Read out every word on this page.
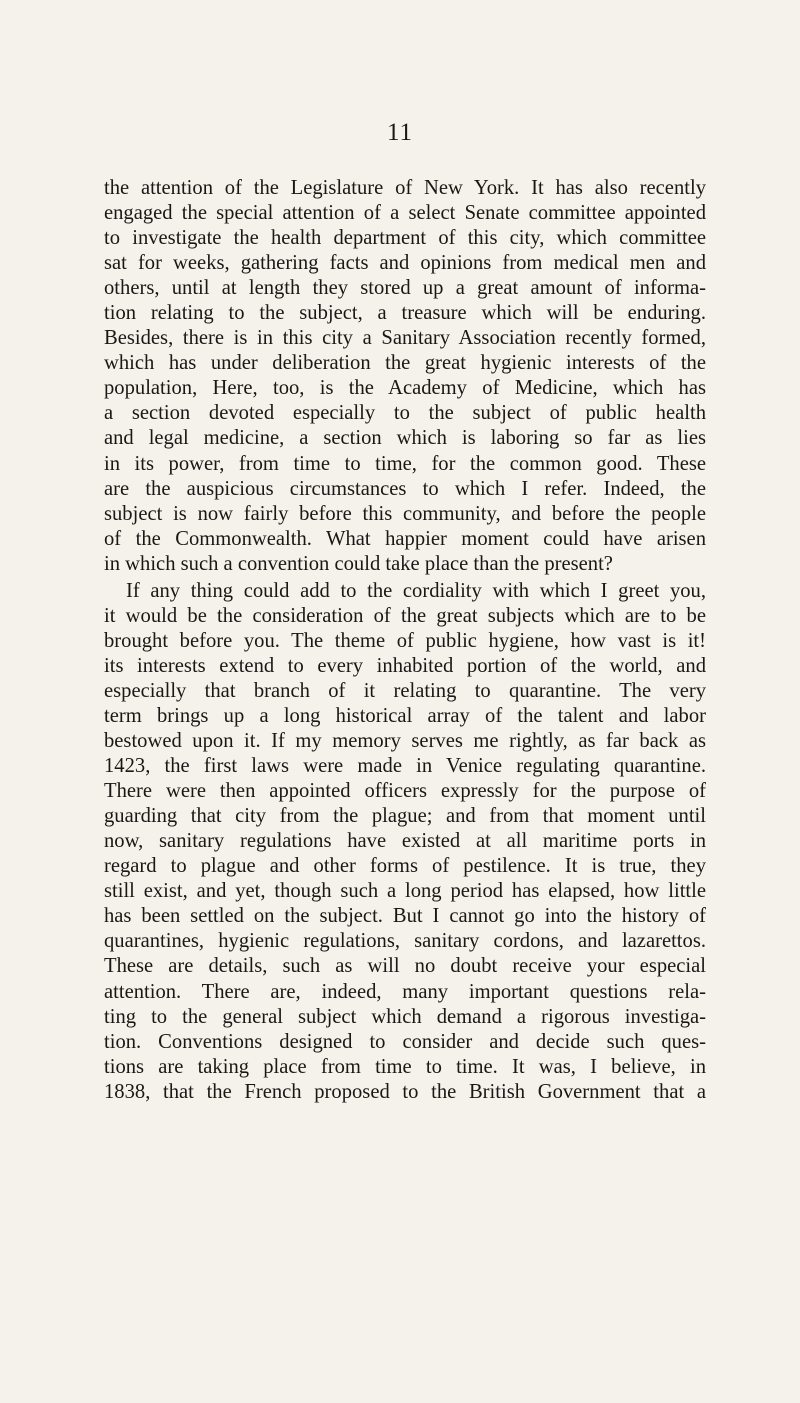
11
the attention of the Legislature of New York. It has also recently
engaged the special attention of a select Senate committee appointed
to investigate the health department of this city, which committee
sat for weeks, gathering facts and opinions from medical men and
others, until at length they stored up a great amount of informa-
tion relating to the subject, a treasure which will be enduring.
Besides, there is in this city a Sanitary Association recently formed,
which has under deliberation the great hygienic interests of the
population, Here, too, is the Academy of Medicine, which has
a section devoted especially to the subject of public health
and legal medicine, a section which is laboring so far as lies
in its power, from time to time, for the common good. These
are the auspicious circumstances to which I refer. Indeed, the
subject is now fairly before this community, and before the people
of the Commonwealth. What happier moment could have arisen
in which such a convention could take place than the present?
If any thing could add to the cordiality with which I greet you,
it would be the consideration of the great subjects which are to be
brought before you. The theme of public hygiene, how vast is it!
its interests extend to every inhabited portion of the world, and
especially that branch of it relating to quarantine. The very
term brings up a long historical array of the talent and labor
bestowed upon it. If my memory serves me rightly, as far back as
1423, the first laws were made in Venice regulating quarantine.
There were then appointed officers expressly for the purpose of
guarding that city from the plague; and from that moment until
now, sanitary regulations have existed at all maritime ports in
regard to plague and other forms of pestilence. It is true, they
still exist, and yet, though such a long period has elapsed, how little
has been settled on the subject. But I cannot go into the history of
quarantines, hygienic regulations, sanitary cordons, and lazarettos.
These are details, such as will no doubt receive your especial
attention. There are, indeed, many important questions rela-
ting to the general subject which demand a rigorous investiga-
tion. Conventions designed to consider and decide such ques-
tions are taking place from time to time. It was, I believe, in
1838, that the French proposed to the British Government that a
